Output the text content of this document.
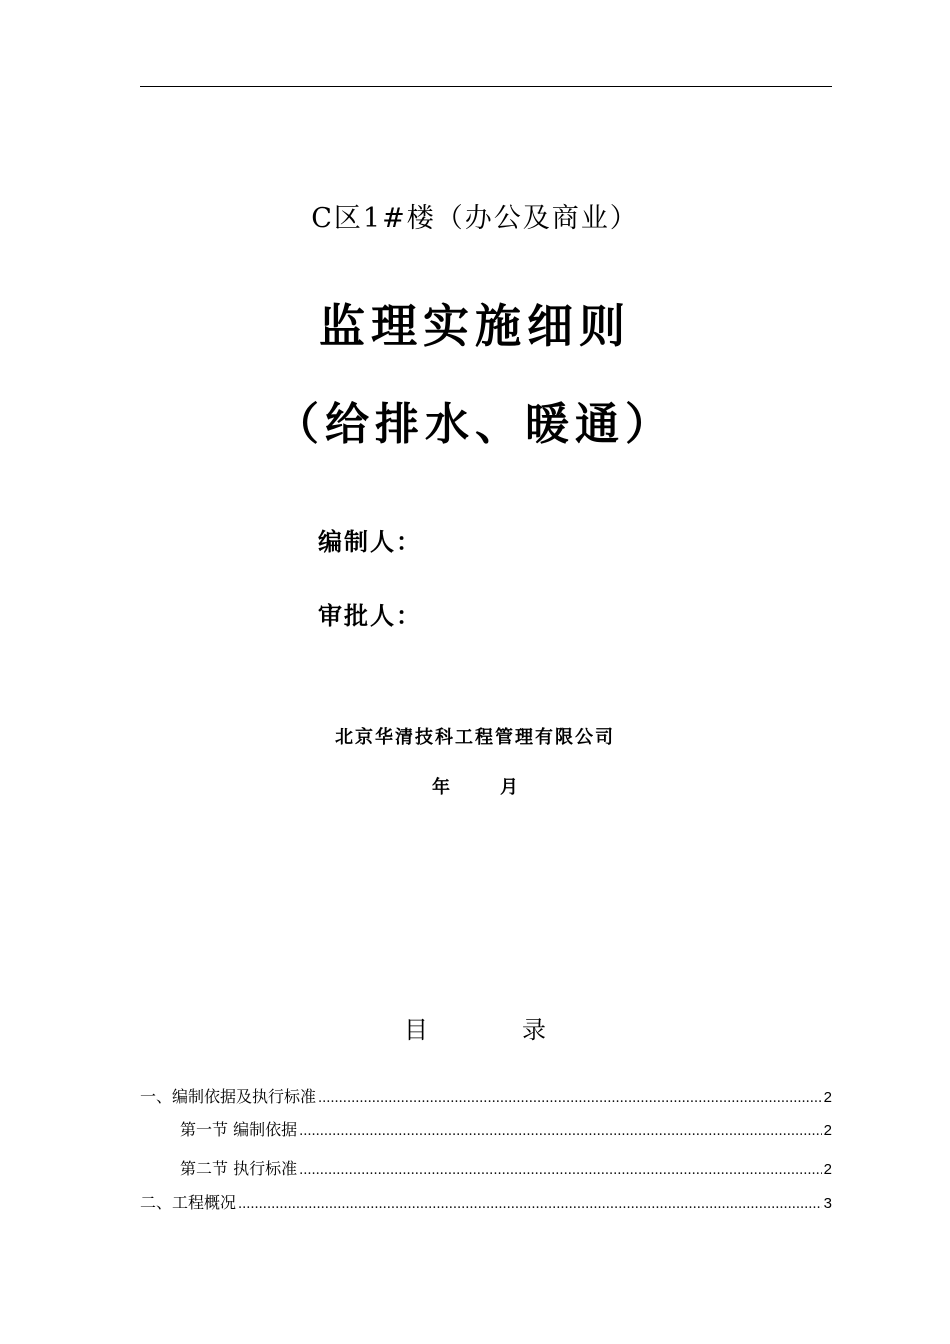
C区1#楼（办公及商业）
监理实施细则
（给排水、暖通）
编制人：
审批人：
北京华清技科工程管理有限公司
年	月
目	录
一、编制依据及执行标准 .....	2
第一节 编制依据 .....	2
第二节 执行标准 .....	2
二、工程概况 .....	3
